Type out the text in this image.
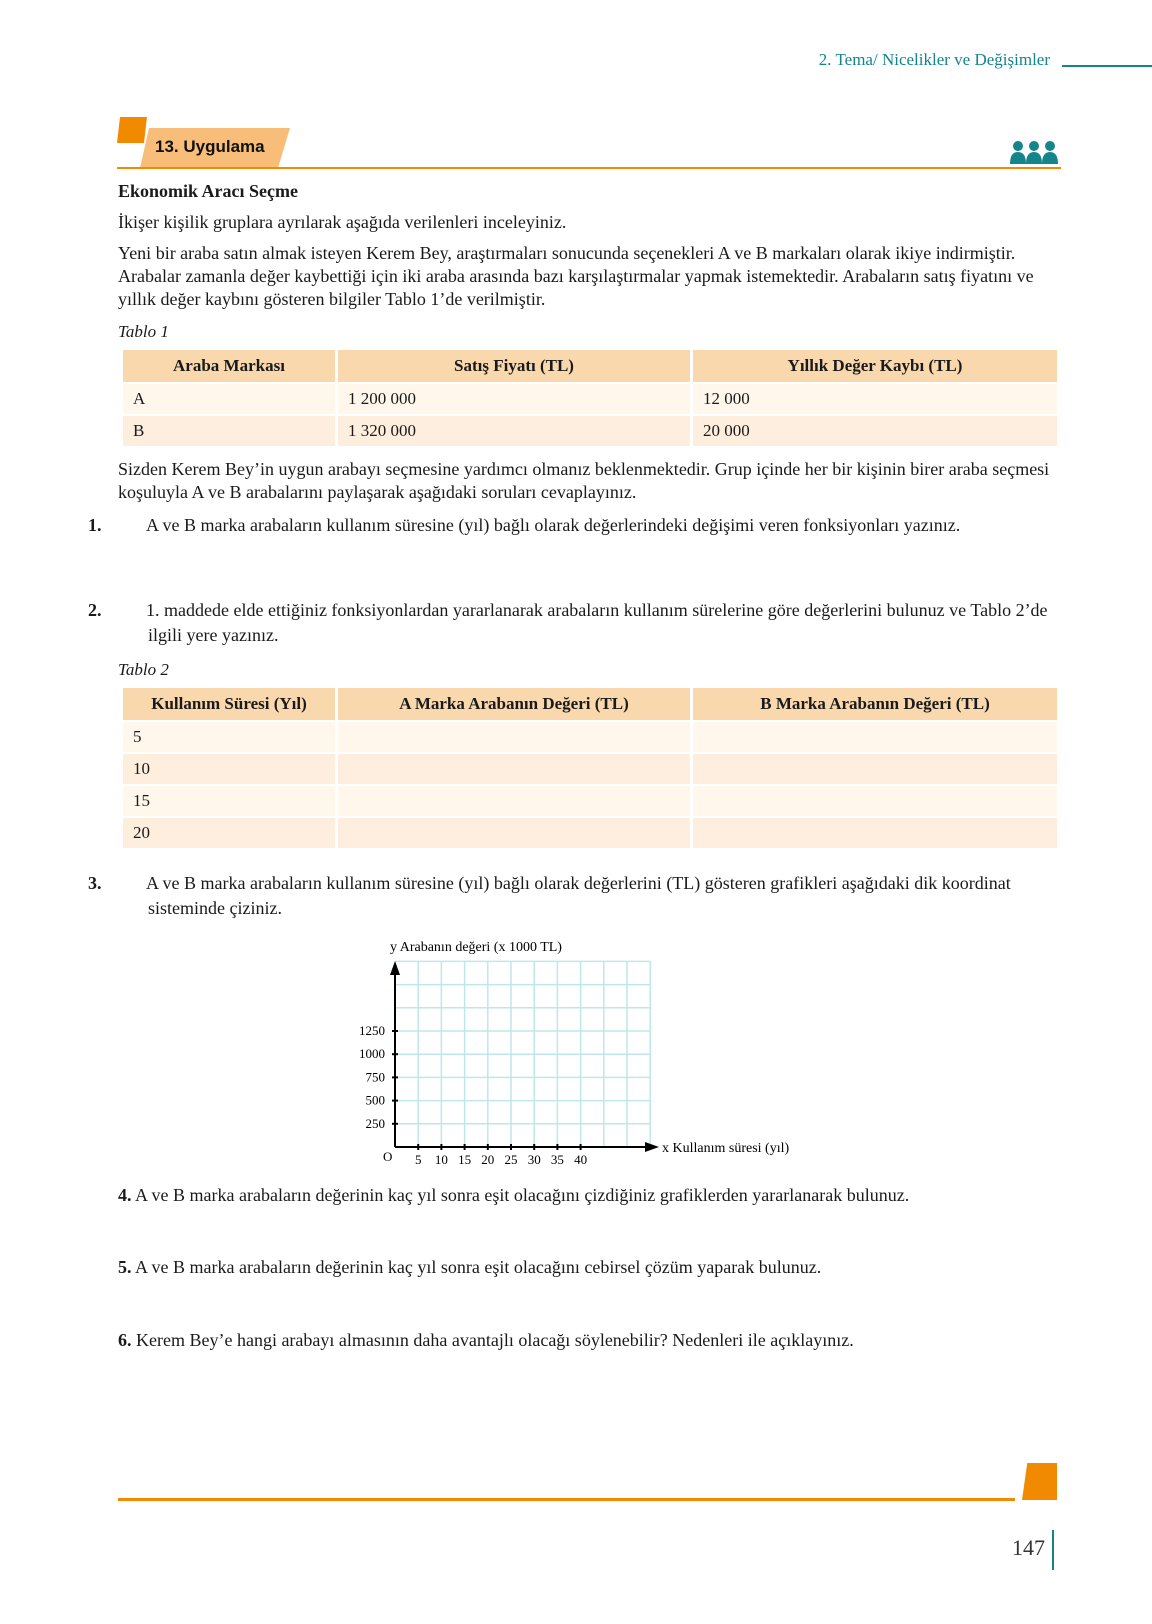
2. Tema/ Nicelikler ve Değişimler
13. Uygulama
Ekonomik Aracı Seçme
İkişer kişilik gruplara ayrılarak aşağıda verilenleri inceleyiniz.
Yeni bir araba satın almak isteyen Kerem Bey, araştırmaları sonucunda seçenekleri A ve B markaları olarak ikiye indirmiştir. Arabalar zamanla değer kaybettiği için iki araba arasında bazı karşılaştırmalar yapmak istemektedir. Arabaların satış fiyatını ve yıllık değer kaybını gösteren bilgiler Tablo 1’de verilmiştir.
Tablo 1
Araba Markası	Satış Fiyatı (TL)	Yıllık Değer Kaybı (TL)
A	1 200 000	12 000
B	1 320 000	20 000
Sizden Kerem Bey’in uygun arabayı seçmesine yardımcı olmanız beklenmektedir. Grup içinde her bir kişinin birer araba seçmesi koşuluyla A ve B arabalarını paylaşarak aşağıdaki soruları cevaplayınız.
1. A ve B marka arabaların kullanım süresine (yıl) bağlı olarak değerlerindeki değişimi veren fonksiyonları yazınız.
2. 1. maddede elde ettiğiniz fonksiyonlardan yararlanarak arabaların kullanım sürelerine göre değerlerini bulunuz ve Tablo 2’de ilgili yere yazınız.
Tablo 2
Kullanım Süresi (Yıl)	A Marka Arabanın Değeri (TL)	B Marka Arabanın Değeri (TL)
5		
10		
15		
20		
3. A ve B marka arabaların kullanım süresine (yıl) bağlı olarak değerlerini (TL) gösteren grafikleri aşağıdaki dik koordinat sisteminde çiziniz.
250
500
750
1000
1250
5 10 15 20 25 30 35 40
y Arabanın değeri (x 1000 TL)
x Kullanım süresi (yıl)
O
4. A ve B marka arabaların değerinin kaç yıl sonra eşit olacağını çizdiğiniz grafiklerden yararlanarak bulunuz.
5. A ve B marka arabaların değerinin kaç yıl sonra eşit olacağını cebirsel çözüm yaparak bulunuz.
6. Kerem Bey’e hangi arabayı almasının daha avantajlı olacağı söylenebilir? Nedenleri ile açıklayınız.
147
